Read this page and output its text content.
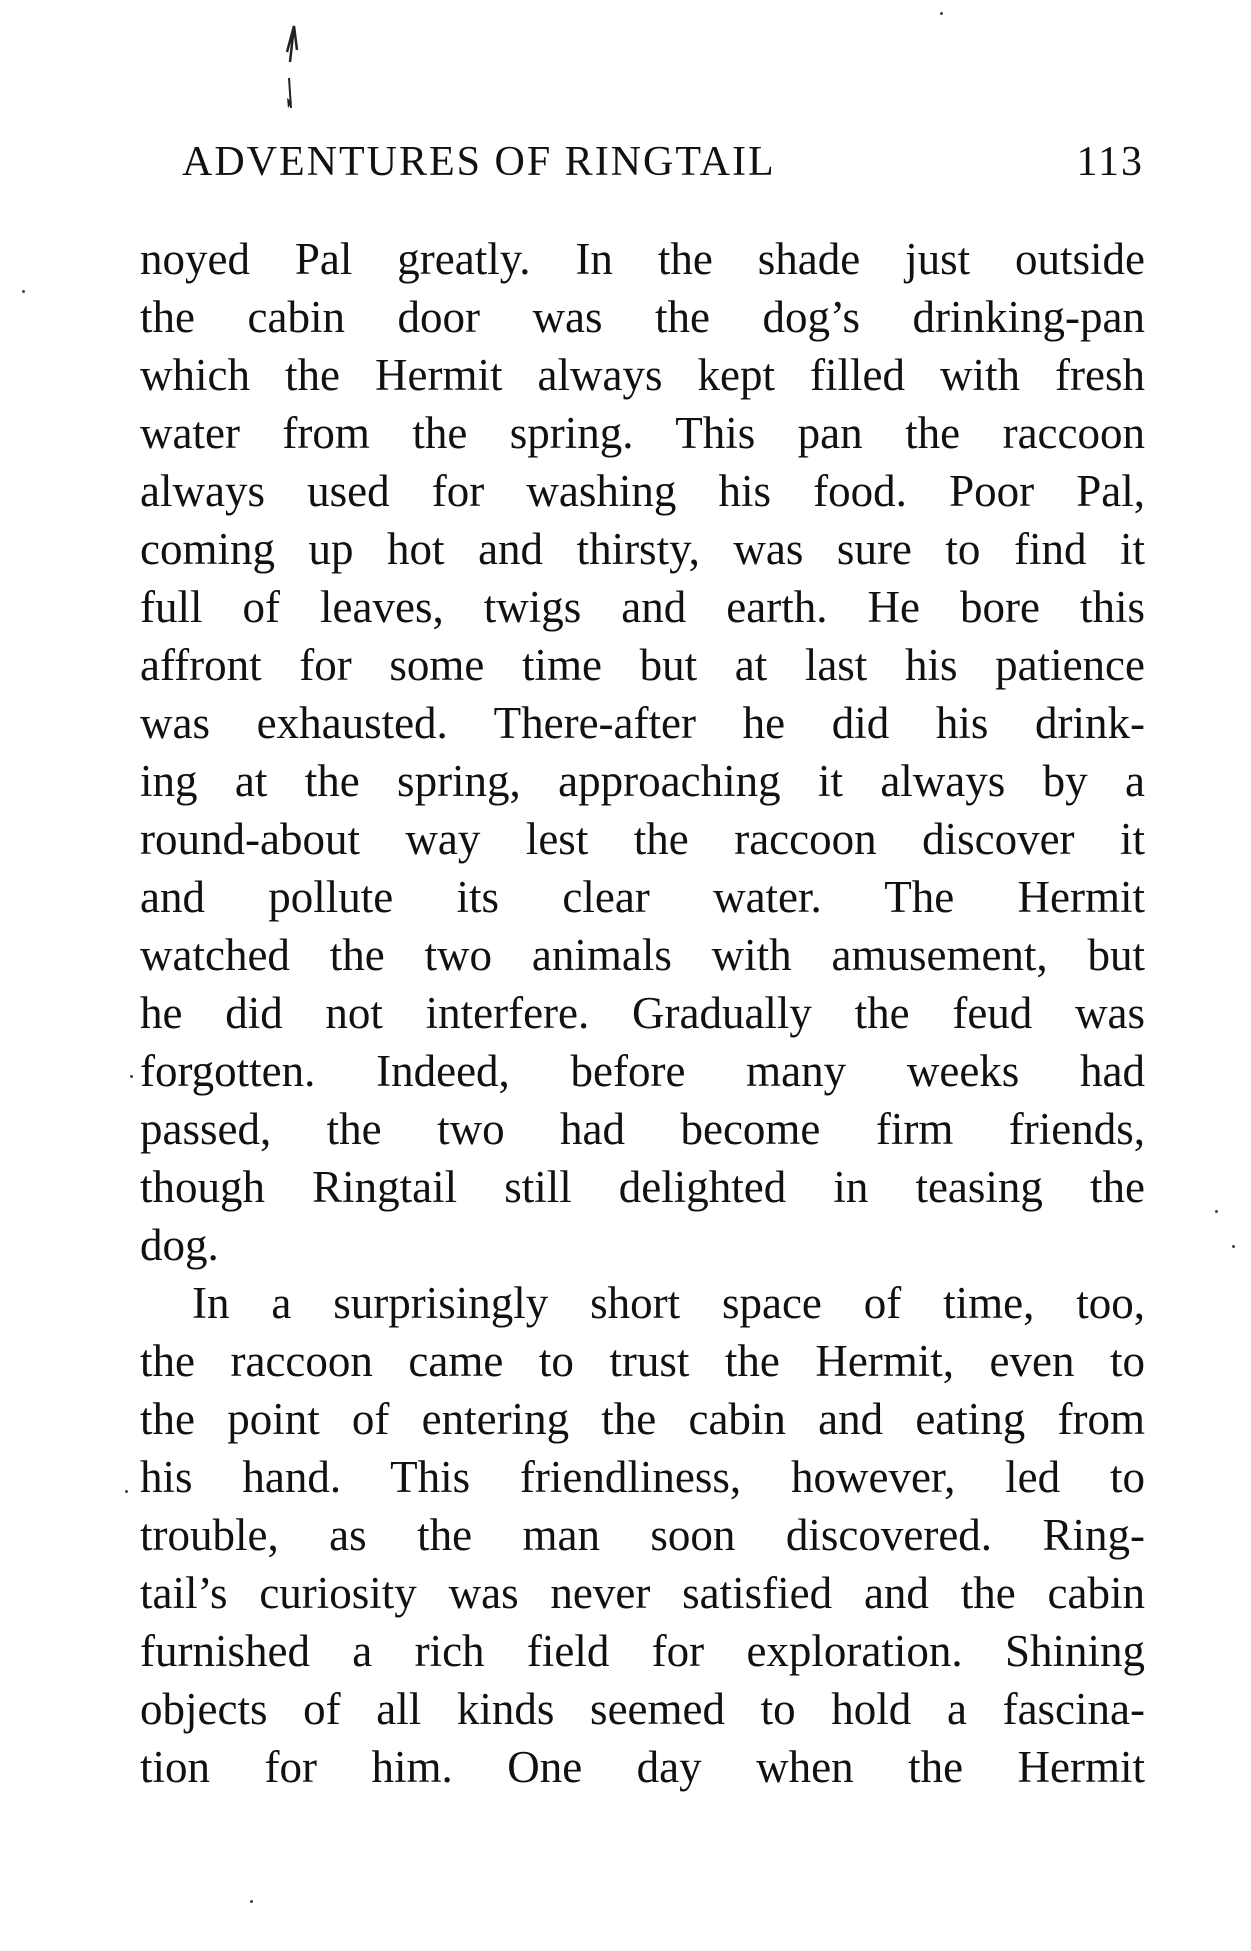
ADVENTURES OF RINGTAIL	113
noyed Pal greatly. In the shade just outside
the cabin door was the dog’s drinking-pan
which the Hermit always kept filled with fresh
water from the spring. This pan the raccoon
always used for washing his food. Poor Pal,
coming up hot and thirsty, was sure to find it
full of leaves, twigs and earth. He bore this
affront for some time but at last his patience
was exhausted. There-after he did his drink-
ing at the spring, approaching it always by a
round-about way lest the raccoon discover it
and pollute its clear water. The Hermit
watched the two animals with amusement, but
he did not interfere. Gradually the feud was
forgotten. Indeed, before many weeks had
passed, the two had become firm friends,
though Ringtail still delighted in teasing the
dog.
In a surprisingly short space of time, too,
the raccoon came to trust the Hermit, even to
the point of entering the cabin and eating from
his hand. This friendliness, however, led to
trouble, as the man soon discovered. Ring-
tail’s curiosity was never satisfied and the cabin
furnished a rich field for exploration. Shining
objects of all kinds seemed to hold a fascina-
tion for him. One day when the Hermit
